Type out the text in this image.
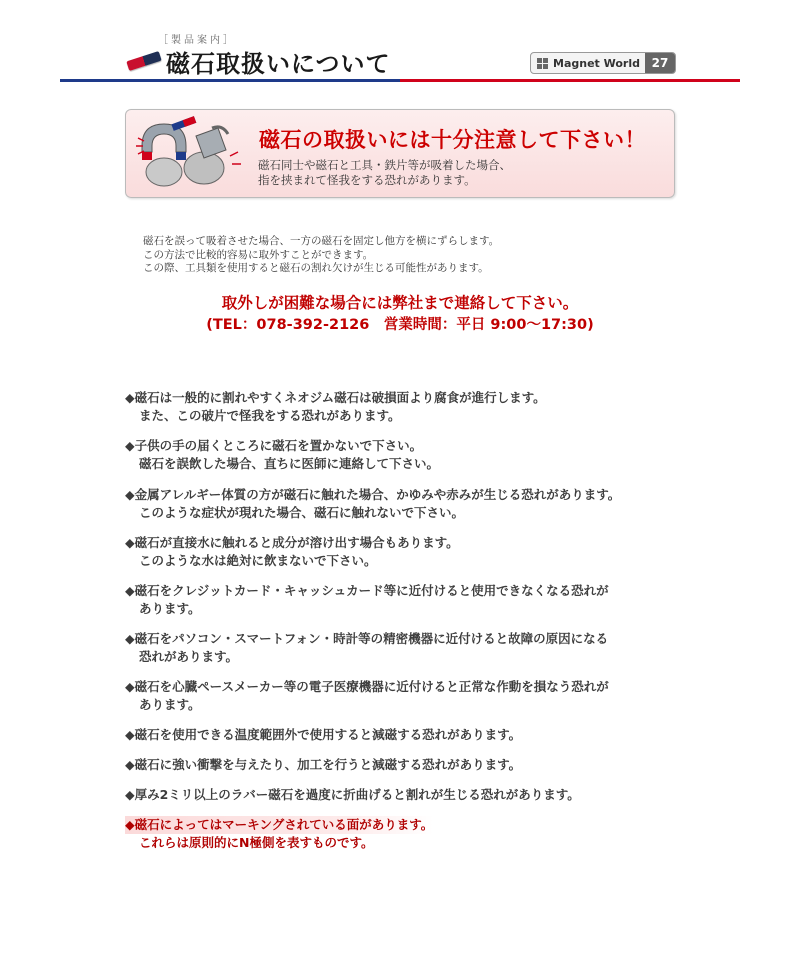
［製品案内］
磁石取扱いについて	Magnet World 27
磁石の取扱いには十分注意して下さい！
磁石同士や磁石と工具・鉄片等が吸着した場合、
指を挟まれて怪我をする恐れがあります。
磁石を誤って吸着させた場合、一方の磁石を固定し他方を横にずらします。
この方法で比較的容易に取外すことができます。
この際、工具類を使用すると磁石の割れ欠けが生じる可能性があります。
取外しが困難な場合には弊社まで連絡して下さい。
(TEL：078-392-2126　営業時間：平日 9:00～17:30)
◆磁石は一般的に割れやすくネオジム磁石は破損面より腐食が進行します。
また、この破片で怪我をする恐れがあります。
◆子供の手の届くところに磁石を置かないで下さい。
磁石を誤飲した場合、直ちに医師に連絡して下さい。
◆金属アレルギー体質の方が磁石に触れた場合、かゆみや赤みが生じる恐れがあります。
このような症状が現れた場合、磁石に触れないで下さい。
◆磁石が直接水に触れると成分が溶け出す場合もあります。
このような水は絶対に飲まないで下さい。
◆磁石をクレジットカード・キャッシュカード等に近付けると使用できなくなる恐れが
あります。
◆磁石をパソコン・スマートフォン・時計等の精密機器に近付けると故障の原因になる
恐れがあります。
◆磁石を心臓ペースメーカー等の電子医療機器に近付けると正常な作動を損なう恐れが
あります。
◆磁石を使用できる温度範囲外で使用すると減磁する恐れがあります。
◆磁石に強い衝撃を与えたり、加工を行うと減磁する恐れがあります。
◆厚み2ミリ以上のラバー磁石を過度に折曲げると割れが生じる恐れがあります。
◆磁石によってはマーキングされている面があります。
これらは原則的にN極側を表すものです。
